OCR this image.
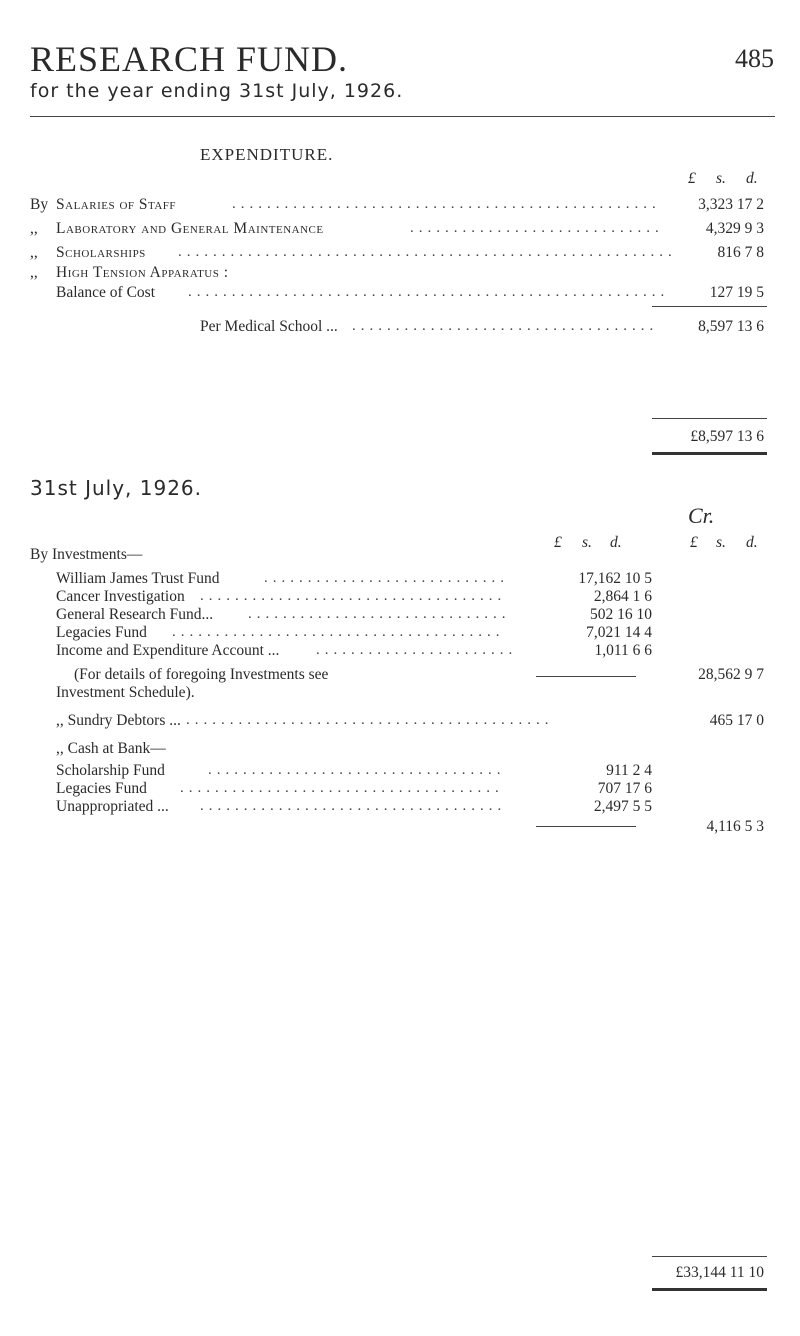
RESEARCH FUND.	485
for the year ending 31st July, 1926.
EXPENDITURE.
£ s. d.
By Salaries of Staff	................................................. 3,323 17 2
,, Laboratory and General Maintenance	.............................	4,329 9 3
,, Scholarships .........................................................	816 7 8
,, High Tension Apparatus :
Balance of Cost .......................................................	127 19 5
Per Medical School ... ...................................	8,597 13 6
£8,597 13 6
31st July, 1926.
Cr.
£ s. d.	£ s. d.
By Investments—
William James Trust Fund	............................	17,162 10 5
Cancer Investigation ...................................	2,864 1 6
General Research Fund... ..............................	502 16 10
Legacies Fund ......................................	7,021 14 4
Income and Expenditure Account ... .......................	1,011 6 6
(For details of foregoing Investments see
Investment Schedule).
28,562 9 7
,, Sundry Debtors ... ..........................................	465 17 0
,, Cash at Bank—
Scholarship Fund	..................................	911 2 4
Legacies Fund .....................................	707 17 6
Unappropriated ... ...................................	2,497 5 5
4,116 5 3
£33,144 11 10
